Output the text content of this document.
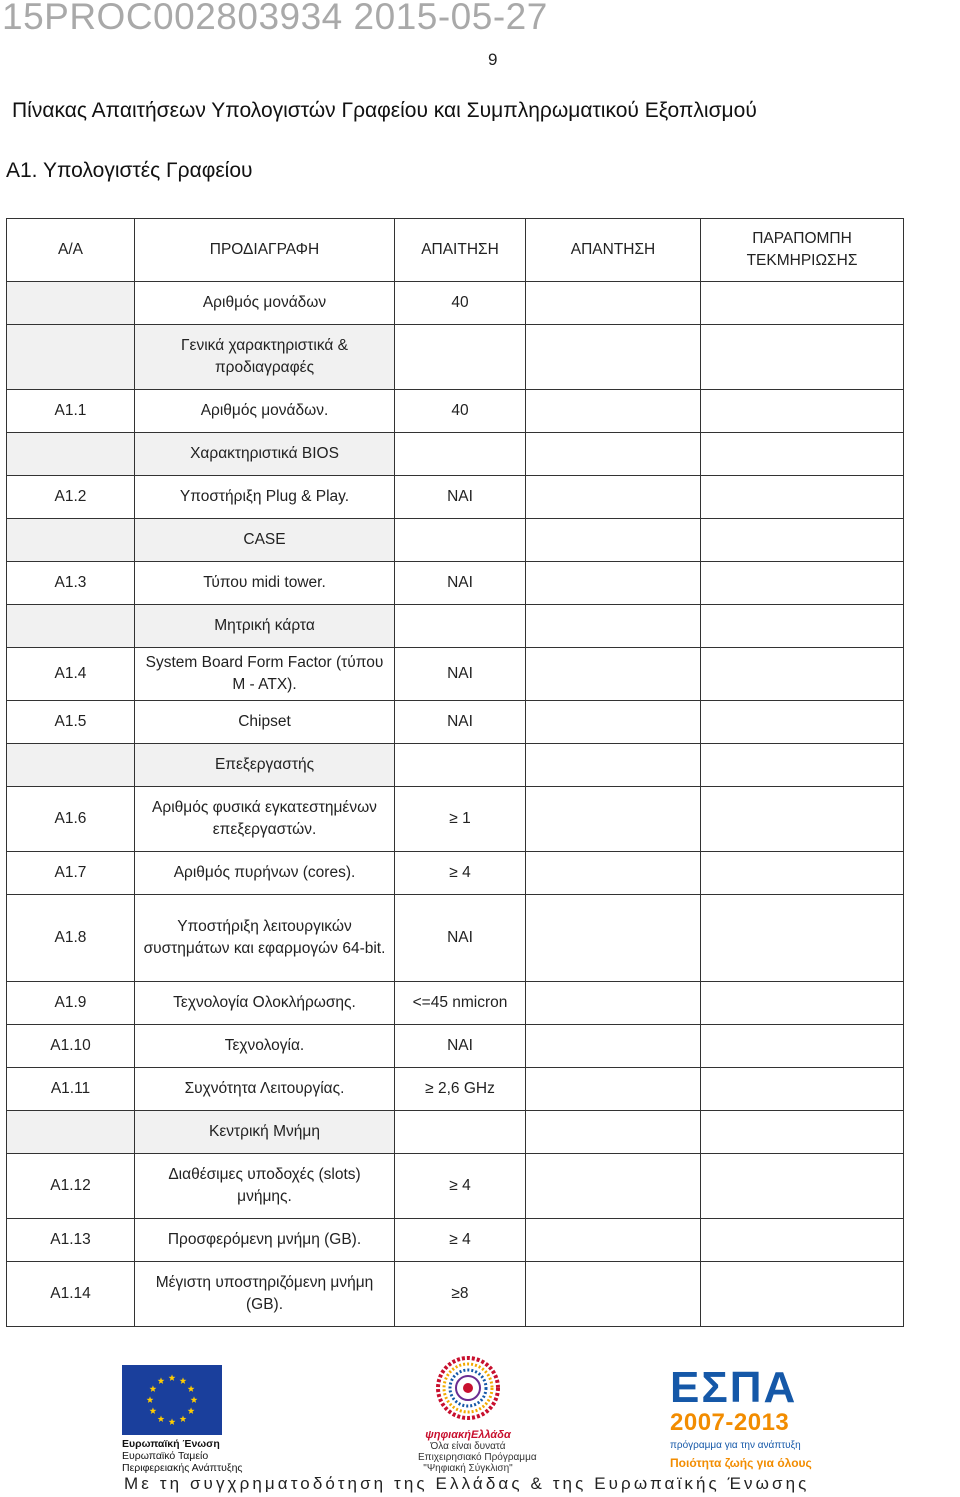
15PROC002803934 2015-05-27
9
Πίνακας Απαιτήσεων Υπολογιστών Γραφείου και Συμπληρωματικού Εξοπλισμού
Α1. Υπολογιστές Γραφείου
Α/Α	ΠΡΟΔΙΑΓΡΑΦΗ	ΑΠΑΙΤΗΣΗ	ΑΠΑΝΤΗΣΗ	ΠΑΡΑΠΟΜΠΗ ΤΕΚΜΗΡΙΩΣΗΣ
	Αριθμός μονάδων	40		
	Γενικά χαρακτηριστικά & προδιαγραφές			
Α1.1	Αριθμός μονάδων.	40		
	Χαρακτηριστικά BIOS			
Α1.2	Υποστήριξη Plug & Play.	ΝΑΙ		
	CASE			
Α1.3	Τύπου midi tower.	ΝΑΙ		
	Μητρική κάρτα			
Α1.4	System Board Form Factor (τύπου M - ATX).	ΝΑΙ		
Α1.5	Chipset	ΝΑΙ		
	Επεξεργαστής			
Α1.6	Αριθμός φυσικά εγκατεστημένων επεξεργαστών.	≥ 1		
Α1.7	Αριθμός πυρήνων (cores).	≥ 4		
Α1.8	Υποστήριξη λειτουργικών συστημάτων και εφαρμογών 64-bit.	ΝΑΙ		
Α1.9	Τεχνολογία Ολοκλήρωσης.	<=45 nmicron		
Α1.10	Τεχνολογία.	ΝΑΙ		
Α1.11	Συχνότητα Λειτουργίας.	≥ 2,6 GHz		
	Κεντρική Μνήμη			
Α1.12	Διαθέσιμες υποδοχές (slots) μνήμης.	≥ 4		
Α1.13	Προσφερόμενη μνήμη (GB).	≥ 4		
Α1.14	Μέγιστη υποστηριζόμενη μνήμη (GB).	≥8		
Ευρωπαϊκή Ένωση
Ευρωπαϊκό Ταμείο
Περιφερειακής Ανάπτυξης
ψηφιακήΕλλάδα
Όλα είναι δυνατά
Επιχειρησιακό Πρόγραμμα
"Ψηφιακή Σύγκλιση"
ΕΣΠΑ
2007-2013
πρόγραμμα για την ανάπτυξη
Ποιότητα ζωής για όλους
Με τη συγχρηματοδότηση της Ελλάδας & της Ευρωπαϊκής Ένωσης
